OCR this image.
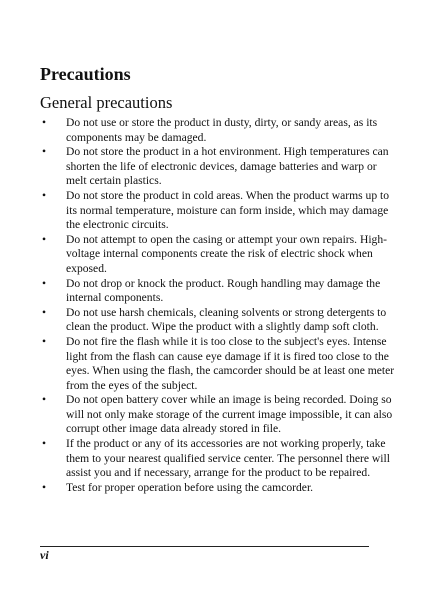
Precautions
General precautions
• Do not use or store the product in dusty, dirty, or sandy areas, as its components may be damaged.
• Do not store the product in a hot environment. High temperatures can shorten the life of electronic devices, damage batteries and warp or melt certain plastics.
• Do not store the product in cold areas. When the product warms up to its normal temperature, moisture can form inside, which may damage the electronic circuits.
• Do not attempt to open the casing or attempt your own repairs. High-voltage internal components create the risk of electric shock when exposed.
• Do not drop or knock the product. Rough handling may damage the internal components.
• Do not use harsh chemicals, cleaning solvents or strong detergents to clean the product. Wipe the product with a slightly damp soft cloth.
• Do not fire the flash while it is too close to the subject's eyes. Intense light from the flash can cause eye damage if it is fired too close to the eyes. When using the flash, the camcorder should be at least one meter from the eyes of the subject.
• Do not open battery cover while an image is being recorded. Doing so will not only make storage of the current image impossible, it can also corrupt other image data already stored in file.
• If the product or any of its accessories are not working properly, take them to your nearest qualified service center. The personnel there will assist you and if necessary, arrange for the product to be repaired.
• Test for proper operation before using the camcorder.
vi
